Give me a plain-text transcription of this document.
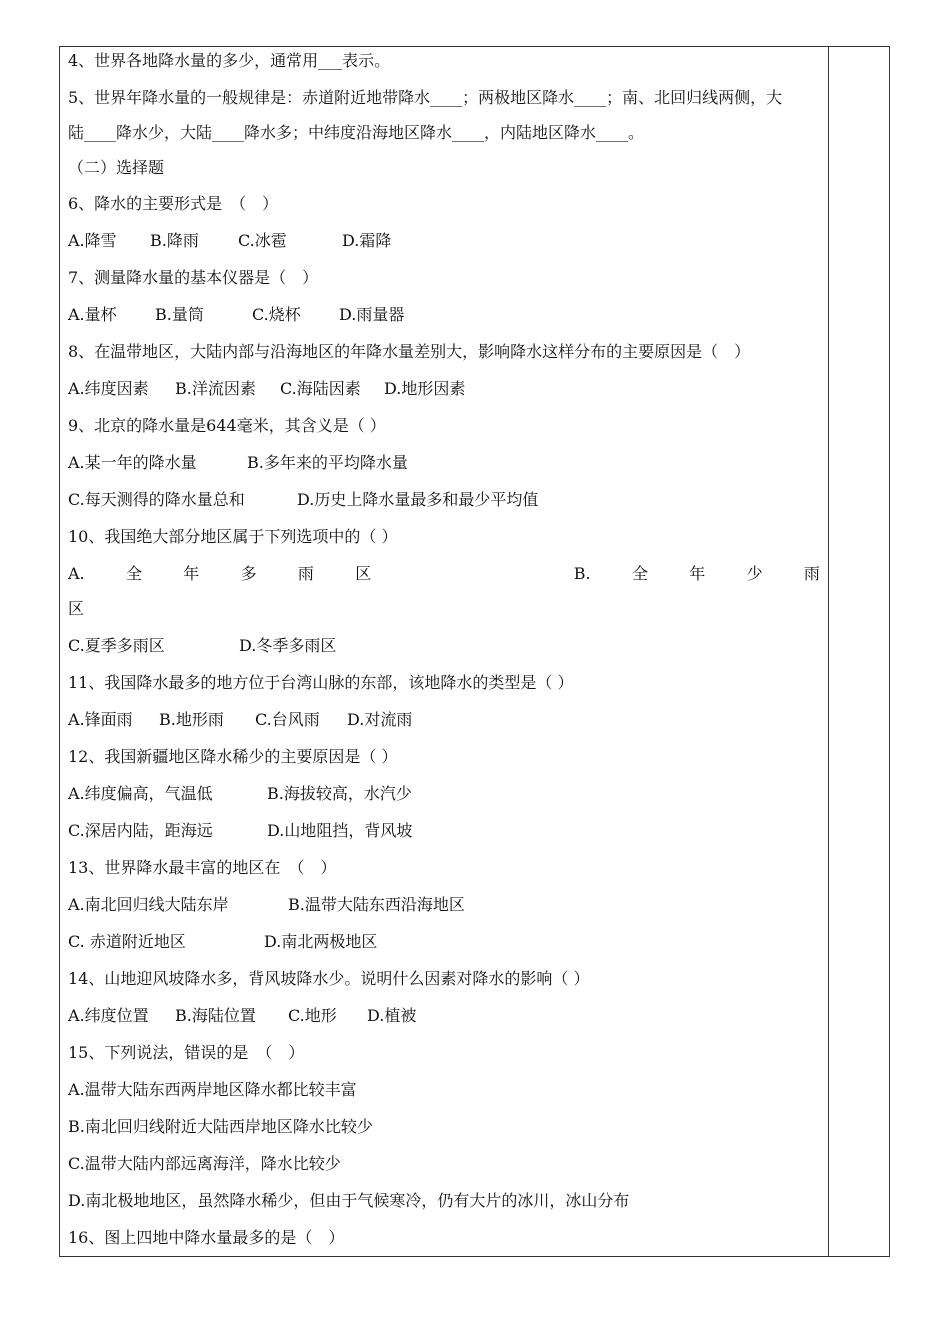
4、世界各地降水量的多少，通常用___表示。
5、世界年降水量的一般规律是：赤道附近地带降水____；两极地区降水____；南、北回归线两侧，大
陆____降水少，大陆____降水多；中纬度沿海地区降水____，内陆地区降水____。
（二）选择题
6、降水的主要形式是　（　）
A.降雪 B.降雨 C.冰雹	D.霜降
7、测量降水量的基本仪器是（　）
A.量杯 B.量筒	C.烧杯 D.雨量器
8、在温带地区，大陆内部与沿海地区的年降水量差别大，影响降水这样分布的主要原因是（　）
A.纬度因素 B.洋流因素 C.海陆因素 D.地形因素
9、北京的降水量是644毫米，其含义是（ ）
A.某一年的降水量	B.多年来的平均降水量
C.每天测得的降水量总和	D.历史上降水量最多和最少平均值
10、我国绝大部分地区属于下列选项中的（ ）
A.	全	年	多	雨	区	B.	全	年	少	雨
区
C.夏季多雨区	D.冬季多雨区
11、我国降水最多的地方位于台湾山脉的东部，该地降水的类型是（ ）
A.锋面雨 B.地形雨 C.台风雨 D.对流雨
12、我国新疆地区降水稀少的主要原因是（ ）
A.纬度偏高，气温低	B.海拔较高，水汽少
C.深居内陆，距海远	D.山地阻挡，背风坡
13、世界降水最丰富的地区在　（　）
A.南北回归线大陆东岸	B.温带大陆东西沿海地区
C. 赤道附近地区	D.南北两极地区
14、山地迎风坡降水多，背风坡降水少。说明什么因素对降水的影响（ ）
A.纬度位置 B.海陆位置 C.地形 D.植被
15、下列说法，错误的是　（　）
A.温带大陆东西两岸地区降水都比较丰富
B.南北回归线附近大陆西岸地区降水比较少
C.温带大陆内部远离海洋，降水比较少
D.南北极地地区，虽然降水稀少，但由于气候寒冷，仍有大片的冰川，冰山分布
16、图上四地中降水量最多的是（　）
